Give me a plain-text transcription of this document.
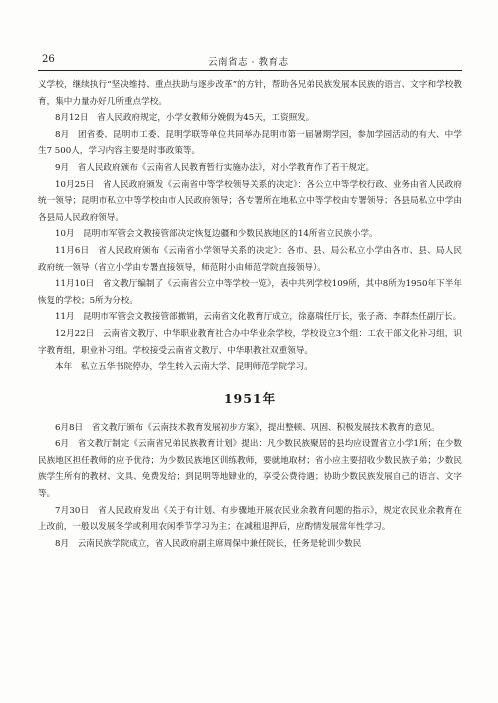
26	云南省志 · 教育志

义学校，继续执行“坚决维持、重点扶助与逐步改革”的方针，帮助各兄弟民族发展本民族的语言、文字和学校教育，集中力量办好几所重点学校。

8月12日　省人民政府规定，小学女教师分娩假为45天，工资照发。

8月　团省委、昆明市工委、昆明学联等单位共同举办昆明市第一届暑期学园，参加学园活动的有大、中学生7 500人，学习内容主要是时事政策等。

9月　省人民政府颁布《云南省人民教育暂行实施办法》，对小学教育作了若干规定。

10月25日　省人民政府颁发《云南省中等学校领导关系的决定》：各公立中等学校行政、业务由省人民政府统一领导；昆明市私立中等学校由市人民政府领导；各专署所在地私立中等学校由专署领导；各县局私立中学由各县局人民政府领导。

10月　昆明市军管会文教接管部决定恢复边疆和少数民族地区的14所省立民族小学。

11月6日　省人民政府颁布《云南省小学领导关系的决定》：各市、县、局公私立小学由各市、县、局人民政府统一领导（省立小学由专署直接领导，师范附小由师范学院直接领导）。

11月10日　省文教厅编制了《云南省公立中等学校一览》，表中共列学校109所，其中8所为1950年下半年恢复的学校；5所为分校。

11月　昆明市军管会文教接管部撤销，云南省文化教育厅成立，徐嘉瑞任厅长，张子斋、李群杰任副厅长。

12月22日　云南省文教厅、中华职业教育社合办中华业余学校，学校设立3个组：工农干部文化补习组，识字教育组，职业补习组。学校接受云南省文教厅、中华职教社双重领导。

本年　私立五华书院停办，学生转入云南大学、昆明师范学院学习。

1951年

6月8日　省文教厅颁布《云南技术教育发展初步方案》，提出整顿、巩固、积极发展技术教育的意见。

6月　省文教厅制定《云南省兄弟民族教育计划》提出：凡少数民族聚居的县均应设置省立小学1所；在少数民族地区担任教师的应予优待；为少数民族地区训练教师，要就地取材；省小应主要招收少数民族子弟；少数民族学生所有的教材、文具、免费发给；到昆明等地肄业的，享受公费待遇；协助少数民族发展自己的语言、文字等。

7月30日　省人民政府发出《关于有计划、有步骤地开展农民业余教育问题的指示》，规定农民业余教育在上改前，一般以发展冬学或利用农闲季节学习为主；在减租退押后，应酌情发展常年性学习。

8月　云南民族学院成立，省人民政府副主席周保中兼任院长，任务是轮训少数民
